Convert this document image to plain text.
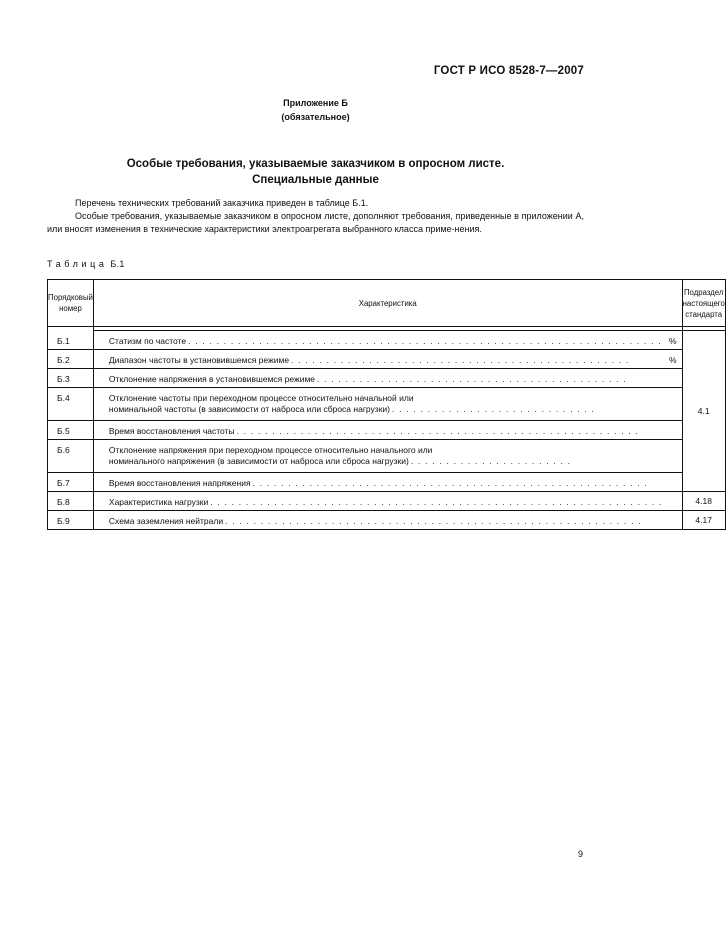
ГОСТ Р ИСО 8528-7—2007
Приложение Б
(обязательное)
Особые требования, указываемые заказчиком в опросном листе.
Специальные данные

Перечень технических требований заказчика приведен в таблице Б.1.

Особые требования, указываемые заказчиком в опросном листе, дополняют требования, приведенные в приложении А, или вносят изменения в технические характеристики электроагрегата выбранного класса приме-нения.

Таблица Б.1
Порядковый номер	Характеристика	Подраздел настоящего стандарта

Б.1	Статизм по частоте . . . . . . . . . . . . . . . . . . . . . . . . . . . . . . . . . . . . . . . . . . . . . . . . . . . . . . . . . . . . . . . . . . . %	4.1
Б.2	Диапазон частоты в установившемся режиме . . . . . . . . . . . . . . . . . . . . . . . . . . . . . . . . . . . . . . . . . . . . . . . . %	

Б.3	Отклонение напряжения в установившемся режиме . . . . . . . . . . . . . . . . . . . . . . . . . . . . . . . . . . . . . . . . . . . .	

Б.4	Отклонение частоты при переходном процессе относительно начальной или
номинальной частоты (в зависимости от наброса или сброса нагрузки) . . . . . . . . . . . . . . . . . . . . . . . . . . . . .	

Б.5	Время восстановления частоты . . . . . . . . . . . . . . . . . . . . . . . . . . . . . . . . . . . . . . . . . . . . . . . . . . . . . . . . .	

Б.6	Отклонение напряжения при переходном процессе относительно начального или
номинального напряжения (в зависимости от наброса или сброса нагрузки) . . . . . . . . . . . . . . . . . . . . . . .	

Б.7	Время восстановления напряжения . . . . . . . . . . . . . . . . . . . . . . . . . . . . . . . . . . . . . . . . . . . . . . . . . . . . . . . .	

Б.8	Характеристика нагрузки . . . . . . . . . . . . . . . . . . . . . . . . . . . . . . . . . . . . . . . . . . . . . . . . . . . . . . . . . . . . . . . .	4.18
Б.9	Схема заземления нейтрали . . . . . . . . . . . . . . . . . . . . . . . . . . . . . . . . . . . . . . . . . . . . . . . . . . . . . . . . . . .	4.17
9
